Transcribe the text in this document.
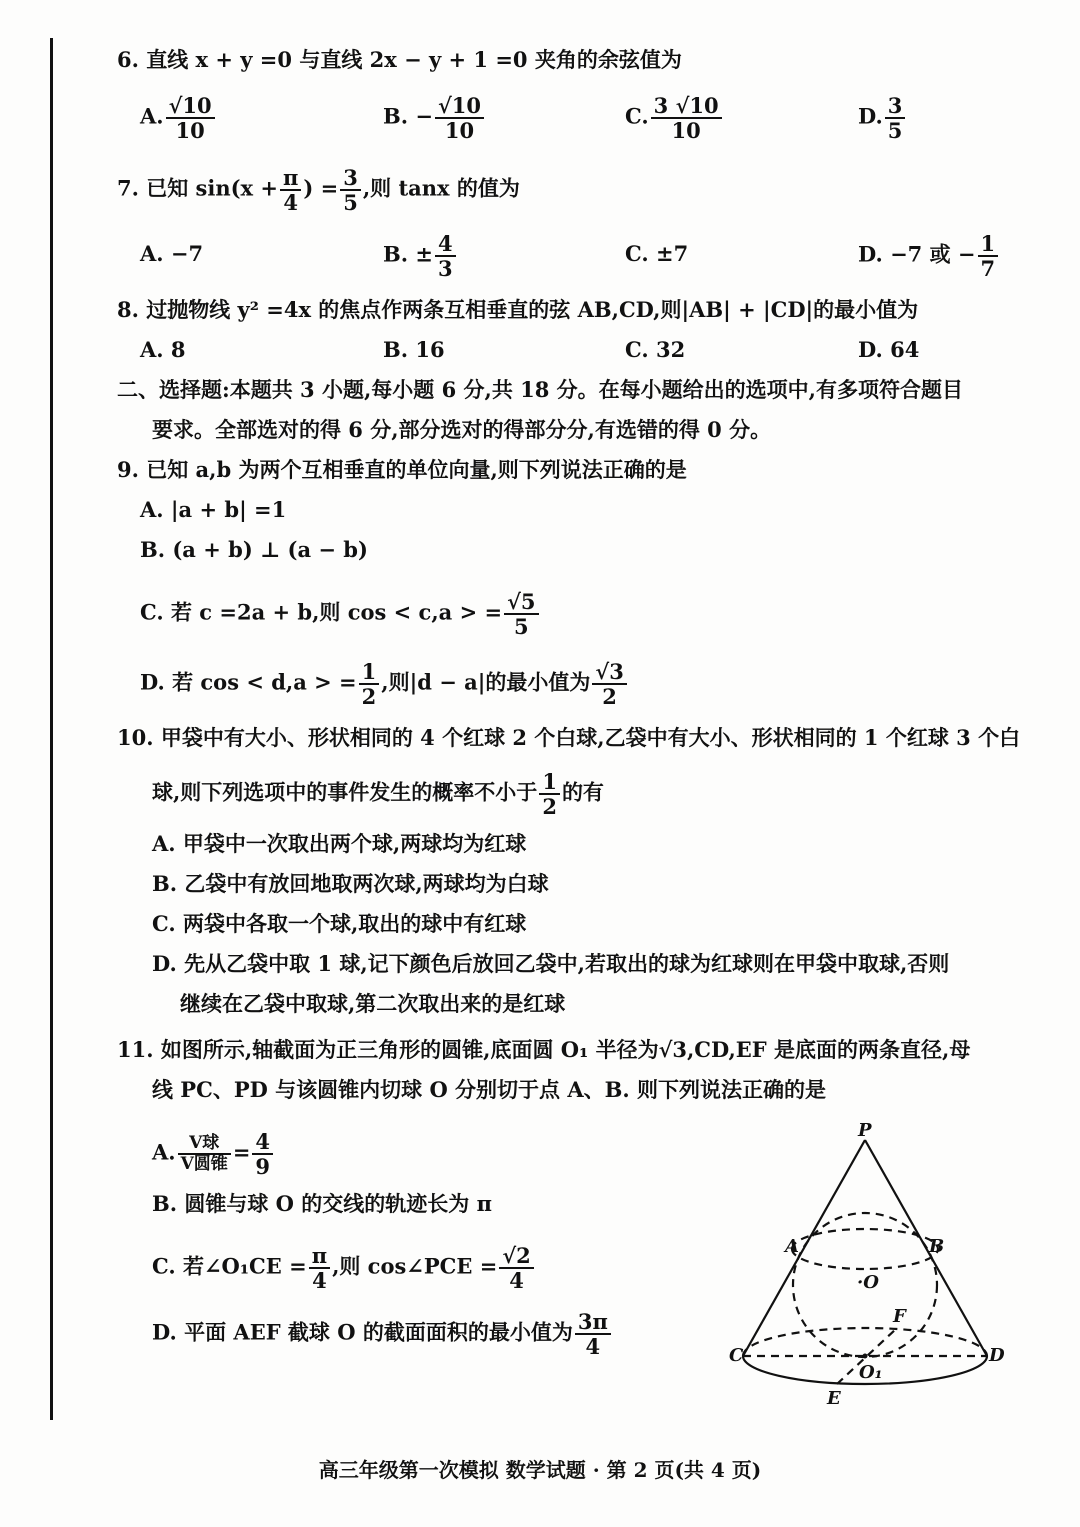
6. 直线 x + y =0 与直线 2x − y + 1 =0 夹角的余弦值为
A. $\frac{√10}{10}$	B. − $\frac{√10}{10}$	C. $\frac{3 √10}{10}$	D. $\frac{3}{5}$
7. 已知 $\sin(x + \frac{\pi}{4}$ ) = $\frac{3}{5}$ ,则 tanx 的值为
A. −7	B. ± $\frac{4}{3}$	C. ±7	D. −7 或 − $\frac{1}{7}$
8. 过抛物线 y² =4x 的焦点作两条互相垂直的弦 AB,CD,则|AB| + |CD|的最小值为
A. 8	B. 16	C. 32	D. 64
二、选择题:本题共 3 小题,每小题 6 分,共 18 分。在每小题给出的选项中,有多项符合题目
要求。全部选对的得 6 分,部分选对的得部分分,有选错的得 0 分。
9. 已知 a,b 为两个互相垂直的单位向量,则下列说法正确的是
A. |a + b| =1
B. (a + b) ⊥ (a − b)
C. 若 c =2a + b,则 cos < c,a > = $\frac{√5}{5}$
D. 若 cos < d,a > = $\frac{1}{2}$ ,则|d − a|的最小值为 $\frac{√3}{2}$
10. 甲袋中有大小、形状相同的 4 个红球 2 个白球,乙袋中有大小、形状相同的 1 个红球 3 个白
球,则下列选项中的事件发生的概率不小于 $\frac{1}{2}$ 的有
A. 甲袋中一次取出两个球,两球均为红球
B. 乙袋中有放回地取两次球,两球均为白球
C. 两袋中各取一个球,取出的球中有红球
D. 先从乙袋中取 1 球,记下颜色后放回乙袋中,若取出的球为红球则在甲袋中取球,否则
继续在乙袋中取球,第二次取出来的是红球
11. 如图所示,轴截面为正三角形的圆锥,底面圆 O₁ 半径为√3,CD,EF 是底面的两条直径,母
线 PC、PD 与该圆锥内切球 O 分别切于点 A、B. 则下列说法正确的是
A. $\frac{\text{V球}}{\text{V圆锥}} = \frac{4}{9}$
B. 圆锥与球 O 的交线的轨迹长为 π
C. 若∠O₁CE = $\frac{\pi}{4}$ ,则 cos∠PCE = $\frac{√2}{4}$
D. 平面 AEF 截球 O 的截面面积的最小值为 $\frac{3\pi}{4}$
P
A	B
·O
F
C	D
O₁
E
高三年级第一次模拟 数学试题 · 第 2 页(共 4 页)
